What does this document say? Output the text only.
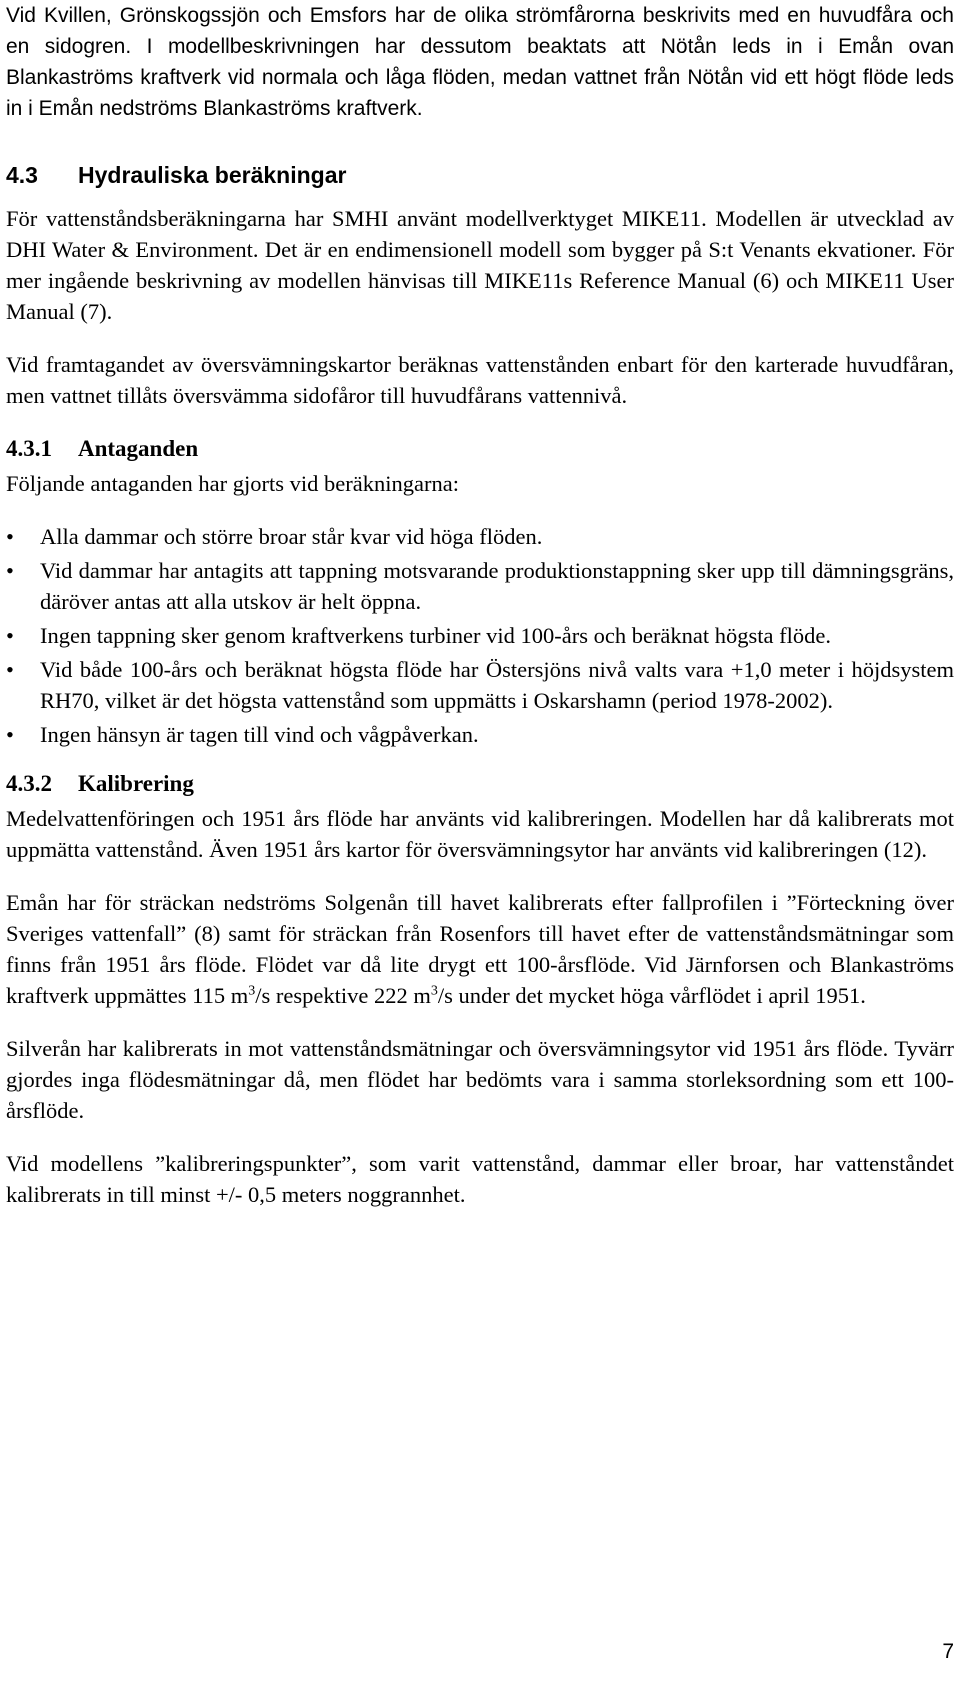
Vid Kvillen, Grönskogssjön och Emsfors har de olika strömfårorna beskrivits med en huvudfåra och en sidogren. I modellbeskrivningen har dessutom beaktats att Nötån leds in i Emån ovan Blankaströms kraftverk vid normala och låga flöden, medan vattnet från Nötån vid ett högt flöde leds in i Emån nedströms Blankaströms kraftverk.

4.3 Hydrauliska beräkningar

För vattenståndsberäkningarna har SMHI använt modellverktyget MIKE11. Modellen är utvecklad av DHI Water & Environment. Det är en endimensionell modell som bygger på S:t Venants ekvationer. För mer ingående beskrivning av modellen hänvisas till MIKE11s Reference Manual (6) och MIKE11 User Manual (7).

Vid framtagandet av översvämningskartor beräknas vattenstånden enbart för den karterade huvudfåran, men vattnet tillåts översvämma sidofåror till huvudfårans vattennivå.

4.3.1 Antaganden

Följande antaganden har gjorts vid beräkningarna:

• Alla dammar och större broar står kvar vid höga flöden.
• Vid dammar har antagits att tappning motsvarande produktionstappning sker upp till dämningsgräns, däröver antas att alla utskov är helt öppna.
• Ingen tappning sker genom kraftverkens turbiner vid 100-års och beräknat högsta flöde.
• Vid både 100-års och beräknat högsta flöde har Östersjöns nivå valts vara +1,0 meter i höjdsystem RH70, vilket är det högsta vattenstånd som uppmätts i Oskarshamn (period 1978-2002).
• Ingen hänsyn är tagen till vind och vågpåverkan.
4.3.2 Kalibrering

Medelvattenföringen och 1951 års flöde har använts vid kalibreringen. Modellen har då kalibrerats mot uppmätta vattenstånd. Även 1951 års kartor för översvämningsytor har använts vid kalibreringen (12).

Emån har för sträckan nedströms Solgenån till havet kalibrerats efter fallprofilen i ”Förteckning över Sveriges vattenfall” (8) samt för sträckan från Rosenfors till havet efter de vattenståndsmätningar som finns från 1951 års flöde. Flödet var då lite drygt ett 100-årsflöde. Vid Järnforsen och Blankaströms kraftverk uppmättes 115 $m^3/s$ respektive 222 $m^3/s$ under det mycket höga vårflödet i april 1951.

Silverån har kalibrerats in mot vattenståndsmätningar och översvämningsytor vid 1951 års flöde. Tyvärr gjordes inga flödesmätningar då, men flödet har bedömts vara i samma storleksordning som ett 100-årsflöde.

Vid modellens ”kalibreringspunkter”, som varit vattenstånd, dammar eller broar, har vattenståndet kalibrerats in till minst +/- 0,5 meters noggrannhet.

7
